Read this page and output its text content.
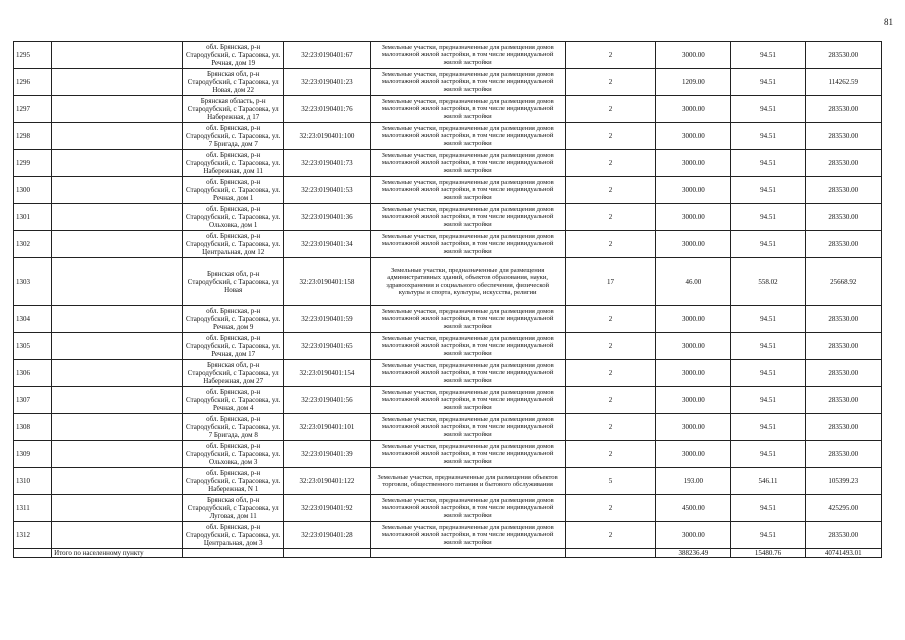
81
1295		обл. Брянская, р-н Стародубский, с. Тарасовка, ул. Речная, дом 19	32:23:0190401:67	Земельные участки, предназначенные для размещения домов малоэтажной жилой застройки, в том числе индивидуальной жилой застройки	2	3000.00	94.51	283530.00
1296		Брянская обл, р-н Стародубский, с Тарасовка, ул Новая, дом 22	32:23:0190401:23	Земельные участки, предназначенные для размещения домов малоэтажной жилой застройки, в том числе индивидуальной жилой застройки	2	1209.00	94.51	114262.59
1297		Брянская область, р-н Стародубский, с Тарасовка, ул Набережная, д 17	32:23:0190401:76	Земельные участки, предназначенные для размещения домов малоэтажной жилой застройки, в том числе индивидуальной жилой застройки	2	3000.00	94.51	283530.00
1298		обл. Брянская, р-н Стародубский, с. Тарасовка, ул. 7 Бригада, дом 7	32:23:0190401:100	Земельные участки, предназначенные для размещения домов малоэтажной жилой застройки, в том числе индивидуальной жилой застройки	2	3000.00	94.51	283530.00
1299		обл. Брянская, р-н Стародубский, с. Тарасовка, ул. Набережная, дом 11	32:23:0190401:73	Земельные участки, предназначенные для размещения домов малоэтажной жилой застройки, в том числе индивидуальной жилой застройки	2	3000.00	94.51	283530.00
1300		обл. Брянская, р-н Стародубский, с. Тарасовка, ул. Речная, дом 1	32:23:0190401:53	Земельные участки, предназначенные для размещения домов малоэтажной жилой застройки, в том числе индивидуальной жилой застройки	2	3000.00	94.51	283530.00
1301		обл. Брянская, р-н Стародубский, с. Тарасовка, ул. Ольховка, дом 1	32:23:0190401:36	Земельные участки, предназначенные для размещения домов малоэтажной жилой застройки, в том числе индивидуальной жилой застройки	2	3000.00	94.51	283530.00
1302		обл. Брянская, р-н Стародубский, с. Тарасовка, ул. Центральная, дом 12	32:23:0190401:34	Земельные участки, предназначенные для размещения домов малоэтажной жилой застройки, в том числе индивидуальной жилой застройки	2	3000.00	94.51	283530.00
1303		Брянская обл, р-н Стародубский, с Тарасовка, ул Новая	32:23:0190401:158	Земельные участки, предназначенные для размещения административных зданий, объектов образования, науки, здравоохранения и социального обеспечения, физической культуры и спорта, культуры, искусства, религии	17	46.00	558.02	25668.92
1304		обл. Брянская, р-н Стародубский, с. Тарасовка, ул. Речная, дом 9	32:23:0190401:59	Земельные участки, предназначенные для размещения домов малоэтажной жилой застройки, в том числе индивидуальной жилой застройки	2	3000.00	94.51	283530.00
1305		обл. Брянская, р-н Стародубский, с. Тарасовка, ул. Речная, дом 17	32:23:0190401:65	Земельные участки, предназначенные для размещения домов малоэтажной жилой застройки, в том числе индивидуальной жилой застройки	2	3000.00	94.51	283530.00
1306		Брянская обл, р-н Стародубский, с Тарасовка, ул Набережная, дом 27	32:23:0190401:154	Земельные участки, предназначенные для размещения домов малоэтажной жилой застройки, в том числе индивидуальной жилой застройки	2	3000.00	94.51	283530.00
1307		обл. Брянская, р-н Стародубский, с. Тарасовка, ул. Речная, дом 4	32:23:0190401:56	Земельные участки, предназначенные для размещения домов малоэтажной жилой застройки, в том числе индивидуальной жилой застройки	2	3000.00	94.51	283530.00
1308		обл. Брянская, р-н Стародубский, с. Тарасовка, ул. 7 Бригада, дом 8	32:23:0190401:101	Земельные участки, предназначенные для размещения домов малоэтажной жилой застройки, в том числе индивидуальной жилой застройки	2	3000.00	94.51	283530.00
1309		обл. Брянская, р-н Стародубский, с. Тарасовка, ул. Ольховка, дом 3	32:23:0190401:39	Земельные участки, предназначенные для размещения домов малоэтажной жилой застройки, в том числе индивидуальной жилой застройки	2	3000.00	94.51	283530.00
1310		обл. Брянская, р-н Стародубский, с. Тарасовка, ул. Набережная, N 1	32:23:0190401:122	Земельные участки, предназначенные для размещения объектов торговли, общественного питания и бытового обслуживания	5	193.00	546.11	105399.23
1311		Брянская обл, р-н Стародубский, с Тарасовка, ул Луговая, дом 11	32:23:0190401:92	Земельные участки, предназначенные для размещения домов малоэтажной жилой застройки, в том числе индивидуальной жилой застройки	2	4500.00	94.51	425295.00
1312		обл. Брянская, р-н Стародубский, с. Тарасовка, ул. Центральная, дом 3	32:23:0190401:28	Земельные участки, предназначенные для размещения домов малоэтажной жилой застройки, в том числе индивидуальной жилой застройки	2	3000.00	94.51	283530.00
	Итого по населенному пункту					388236.49	15480.76	40741493.01
